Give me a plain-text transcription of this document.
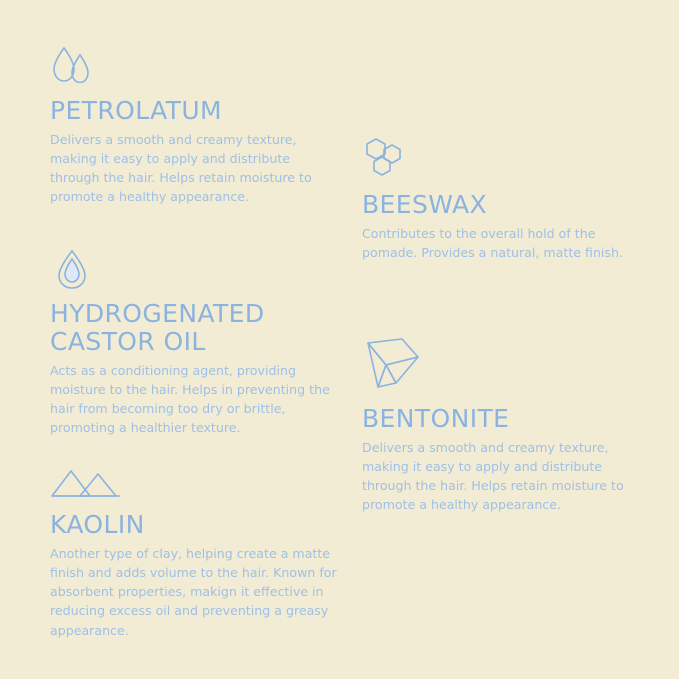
PETROLATUM

Delivers a smooth and creamy texture, making it easy to apply and distribute through the hair. Helps retain moisture to promote a healthy appearance.

HYDROGENATED CASTOR OIL

Acts as a conditioning agent, providing moisture to the hair. Helps in preventing the hair from becoming too dry or brittle, promoting a healthier texture.

KAOLIN

Another type of clay, helping create a matte finish and adds volume to the hair. Known for absorbent properties, makign it effective in reducing excess oil and preventing a greasy appearance.

BEESWAX

Contributes to the overall hold of the pomade. Provides a natural, matte finish.

BENTONITE

Delivers a smooth and creamy texture, making it easy to apply and distribute through the hair. Helps retain moisture to promote a healthy appearance.
